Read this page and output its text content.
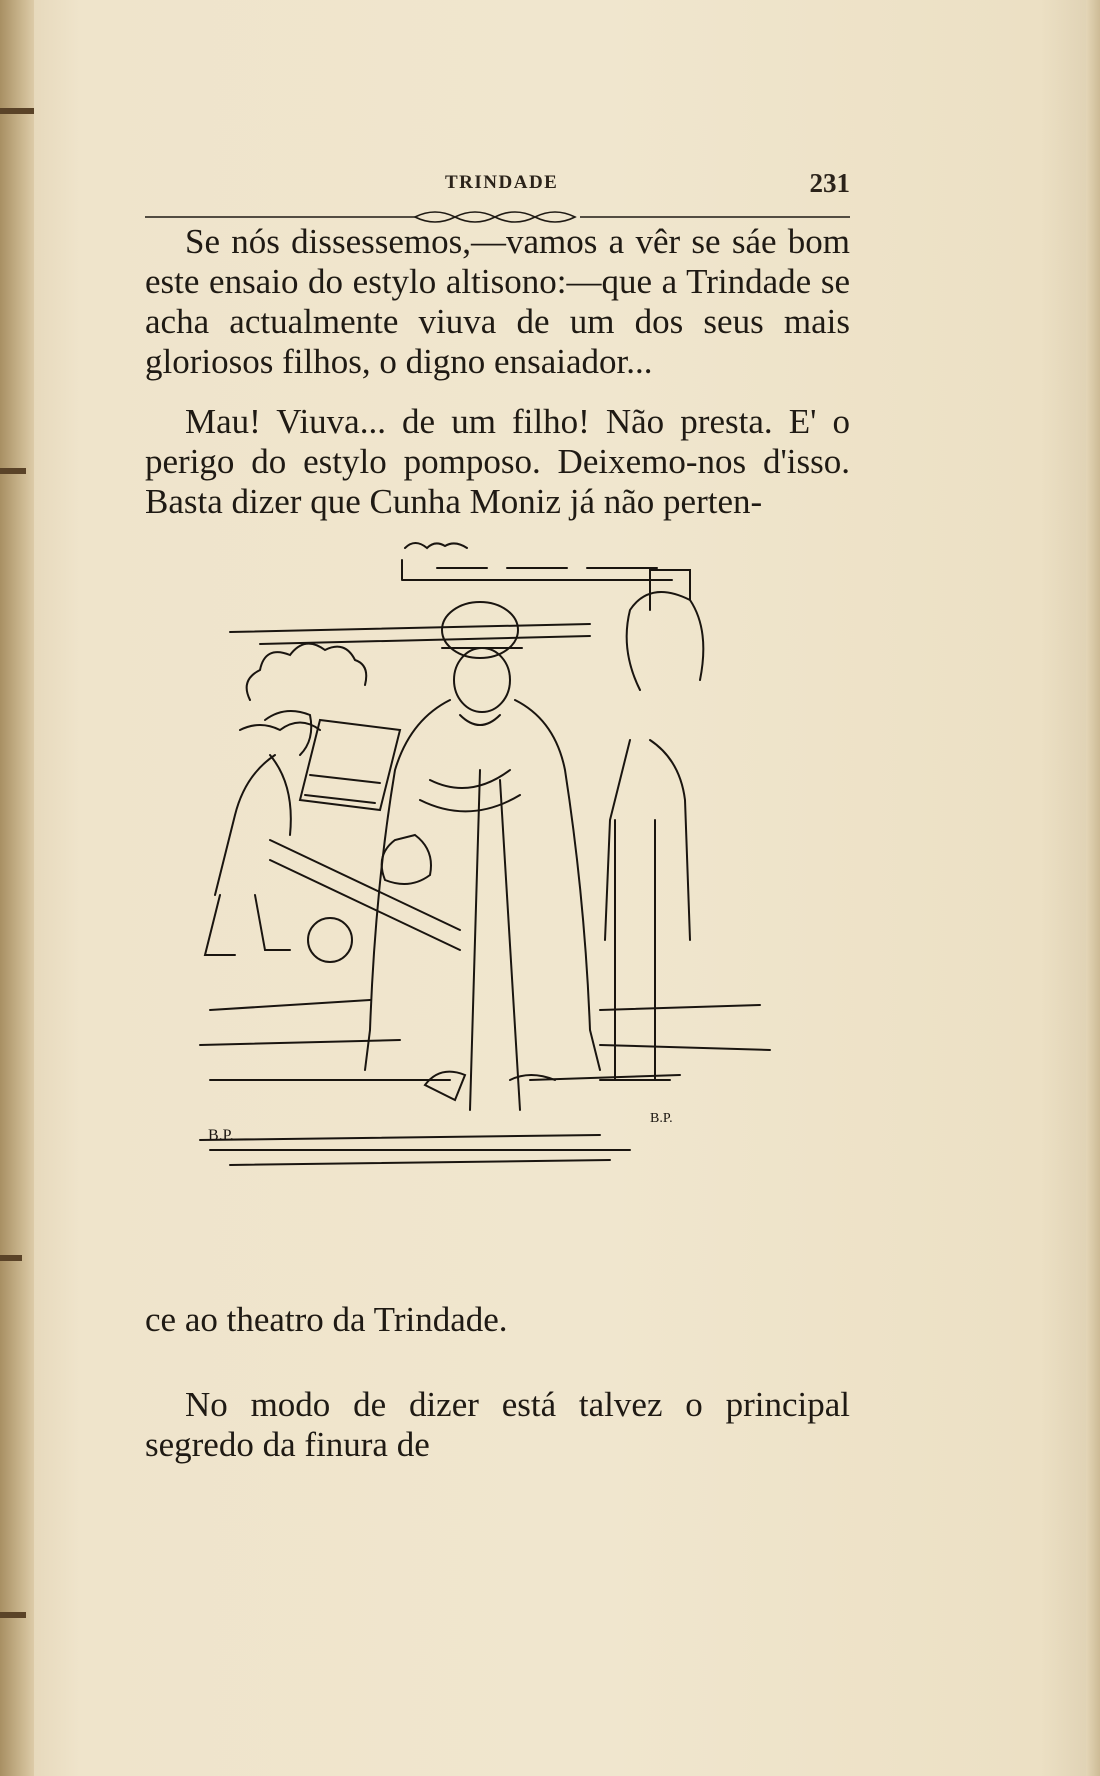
TRINDADE	231

Se nós dissessemos,—vamos a vêr se sáe bom este ensaio do estylo altisono:—que a Trindade se acha actualmente viuva de um dos seus mais gloriosos filhos, o digno ensaiador...

Mau! Viuva... de um filho! Não presta. E' o perigo do estylo pomposo. Deixemo-nos d'isso. Basta dizer que Cunha Moniz já não perten-

B.P.
B.P.

ce ao theatro da Trindade.

No modo de dizer está talvez o principal segredo da finura de
